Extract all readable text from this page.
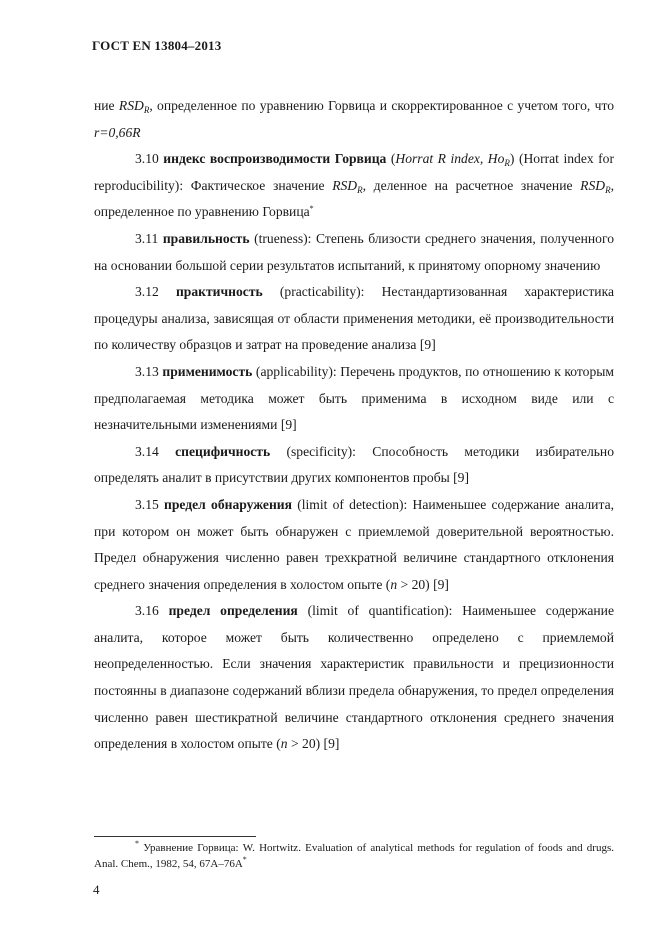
ГОСТ EN 13804–2013

ние $RSD_R$, определенное по уравнению Горвица и скорректированное с учетом того, что r=0,66R

3.10 индекс воспроизводимости Горвица (Horrat R index, $Ho_R$) (Horrat index for reproducibility): Фактическое значение $RSD_R$, деленное на расчетное значение $RSD_R$, определенное по уравнению Горвица*

3.11 правильность (trueness): Степень близости среднего значения, полученного на основании большой серии результатов испытаний, к принятому опорному значению

3.12 практичность (practicability): Нестандартизованная характеристика процедуры анализа, зависящая от области применения методики, её производительности по количеству образцов и затрат на проведение анализа [9]

3.13 применимость (applicability): Перечень продуктов, по отношению к которым предполагаемая методика может быть применима в исходном виде или с незначительными изменениями [9]

3.14 специфичность (specificity): Способность методики избирательно определять аналит в присутствии других компонентов пробы [9]

3.15 предел обнаружения (limit of detection): Наименьшее содержание аналита, при котором он может быть обнаружен с приемлемой доверительной вероятностью. Предел обнаружения численно равен трехкратной величине стандартного отклонения среднего значения определения в холостом опыте (n > 20) [9]

3.16 предел определения (limit of quantification): Наименьшее содержание аналита, которое может быть количественно определено с приемлемой неопределенностью. Если значения характеристик правильности и прецизионности постоянны в диапазоне содержаний вблизи предела обнаружения, то предел определения численно равен шестикратной величине стандартного отклонения среднего значения определения в холостом опыте (n > 20) [9]

* Уравнение Горвица: W. Hortwitz. Evaluation of analytical methods for regulation of foods and drugs. Anal. Chem., 1982, 54, 67A–76A*
4
